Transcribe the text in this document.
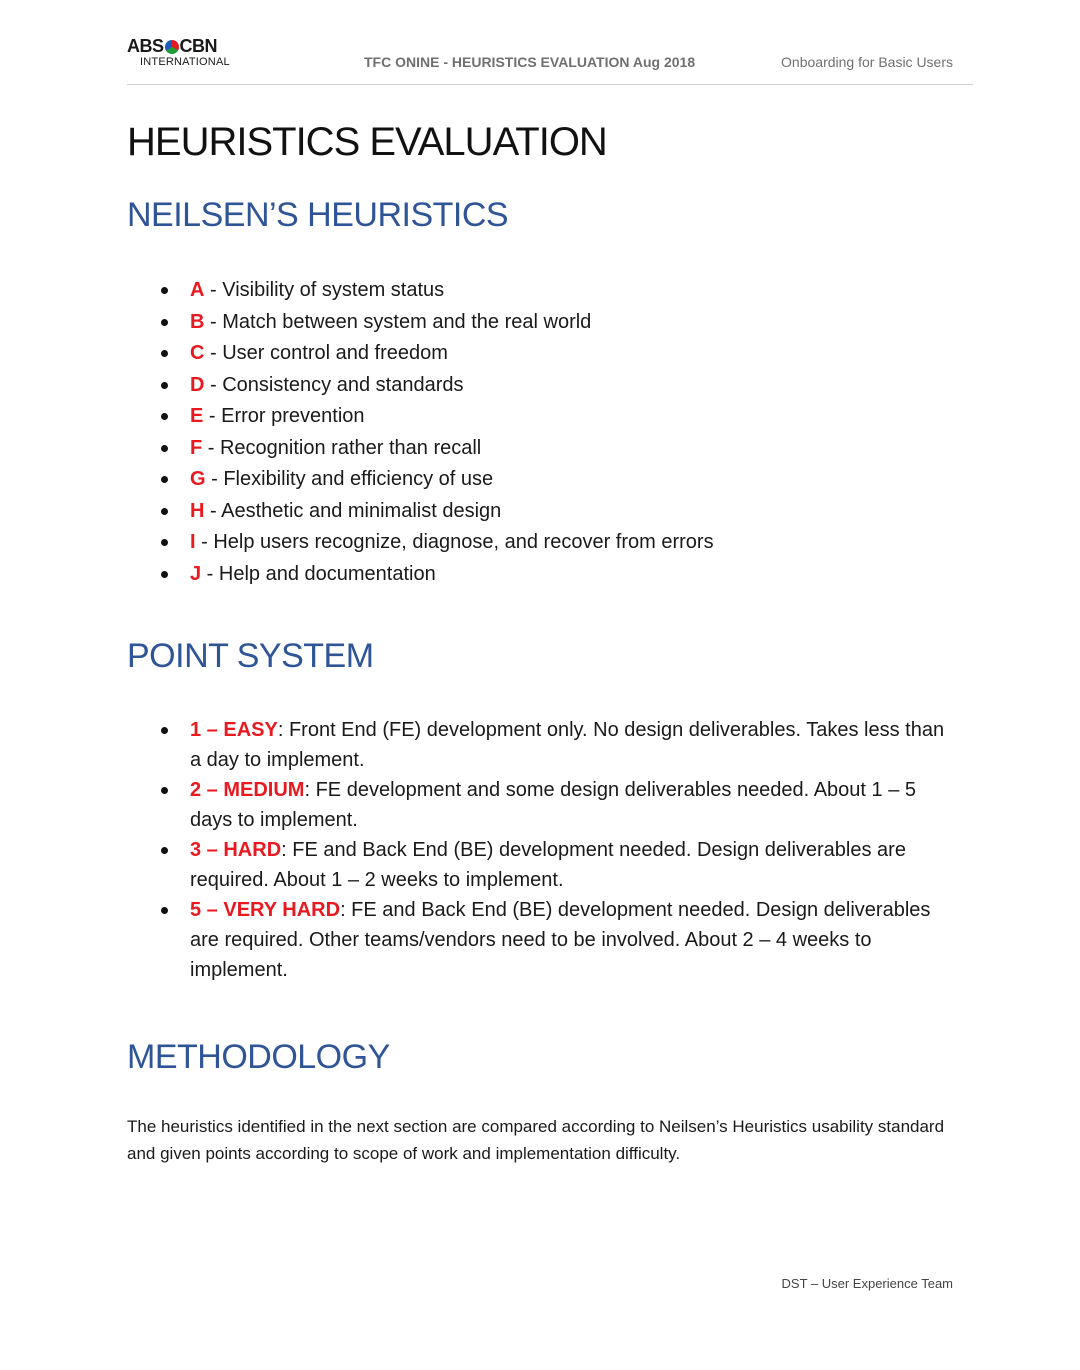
ABS CBN
INTERNATIONAL	TFC ONINE - HEURISTICS EVALUATION Aug 2018	Onboarding for Basic Users
HEURISTICS EVALUATION
NEILSEN’S HEURISTICS
A - Visibility of system status
B - Match between system and the real world
C - User control and freedom
D - Consistency and standards
E - Error prevention
F - Recognition rather than recall
G - Flexibility and efficiency of use
H - Aesthetic and minimalist design
I - Help users recognize, diagnose, and recover from errors
J - Help and documentation
POINT SYSTEM
1 – EASY: Front End (FE) development only. No design deliverables. Takes less than a day to implement.
2 – MEDIUM: FE development and some design deliverables needed. About 1 – 5 days to implement.
3 – HARD: FE and Back End (BE) development needed. Design deliverables are required. About 1 – 2 weeks to implement.
5 – VERY HARD: FE and Back End (BE) development needed. Design deliverables are required. Other teams/vendors need to be involved. About 2 – 4 weeks to implement.
METHODOLOGY
The heuristics identified in the next section are compared according to Neilsen’s Heuristics usability standard and given points according to scope of work and implementation difficulty.
DST – User Experience Team
